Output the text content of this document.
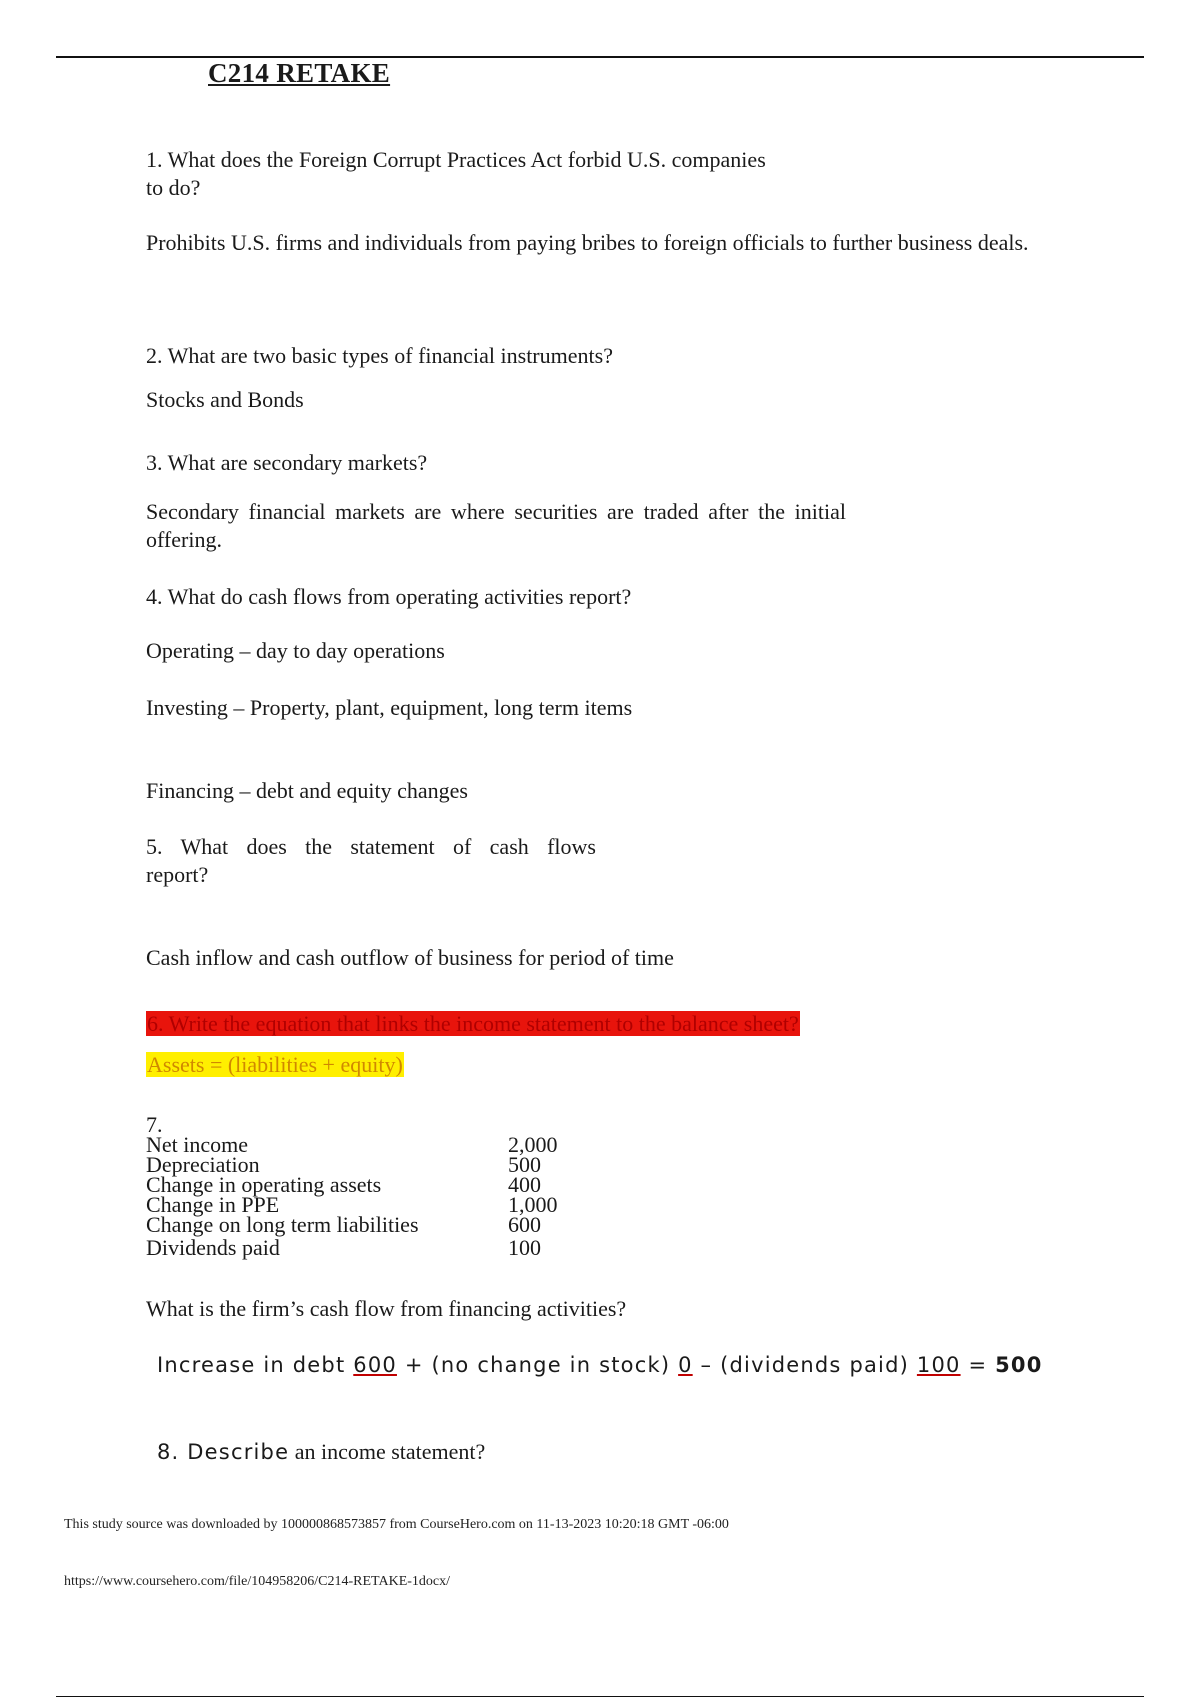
C214 RETAKE

1. What does the Foreign Corrupt Practices Act forbid U.S. companies to do?

Prohibits U.S. firms and individuals from paying bribes to foreign officials to further business deals.

2. What are two basic types of financial instruments?

Stocks and Bonds

3. What are secondary markets?

Secondary financial markets are where securities are traded after the initial offering.

4. What do cash flows from operating activities report?

Operating – day to day operations

Investing – Property, plant, equipment, long term items

Financing – debt and equity changes

5. What does the statement of cash flows report?

Cash inflow and cash outflow of business for period of time

6. Write the equation that links the income statement to the balance sheet?

Assets = (liabilities + equity)

7.
Net income	2,000
Depreciation	500
Change in operating assets	400
Change in PPE	1,000
Change on long term liabilities	600
Dividends paid	100

What is the firm’s cash flow from financing activities?

Increase in debt 600 + (no change in stock) 0 – (dividends paid) 100 = 500

8. Describe an income statement?

This study source was downloaded by 100000868573857 from CourseHero.com on 11-13-2023 10:20:18 GMT -06:00
https://www.coursehero.com/file/104958206/C214-RETAKE-1docx/
